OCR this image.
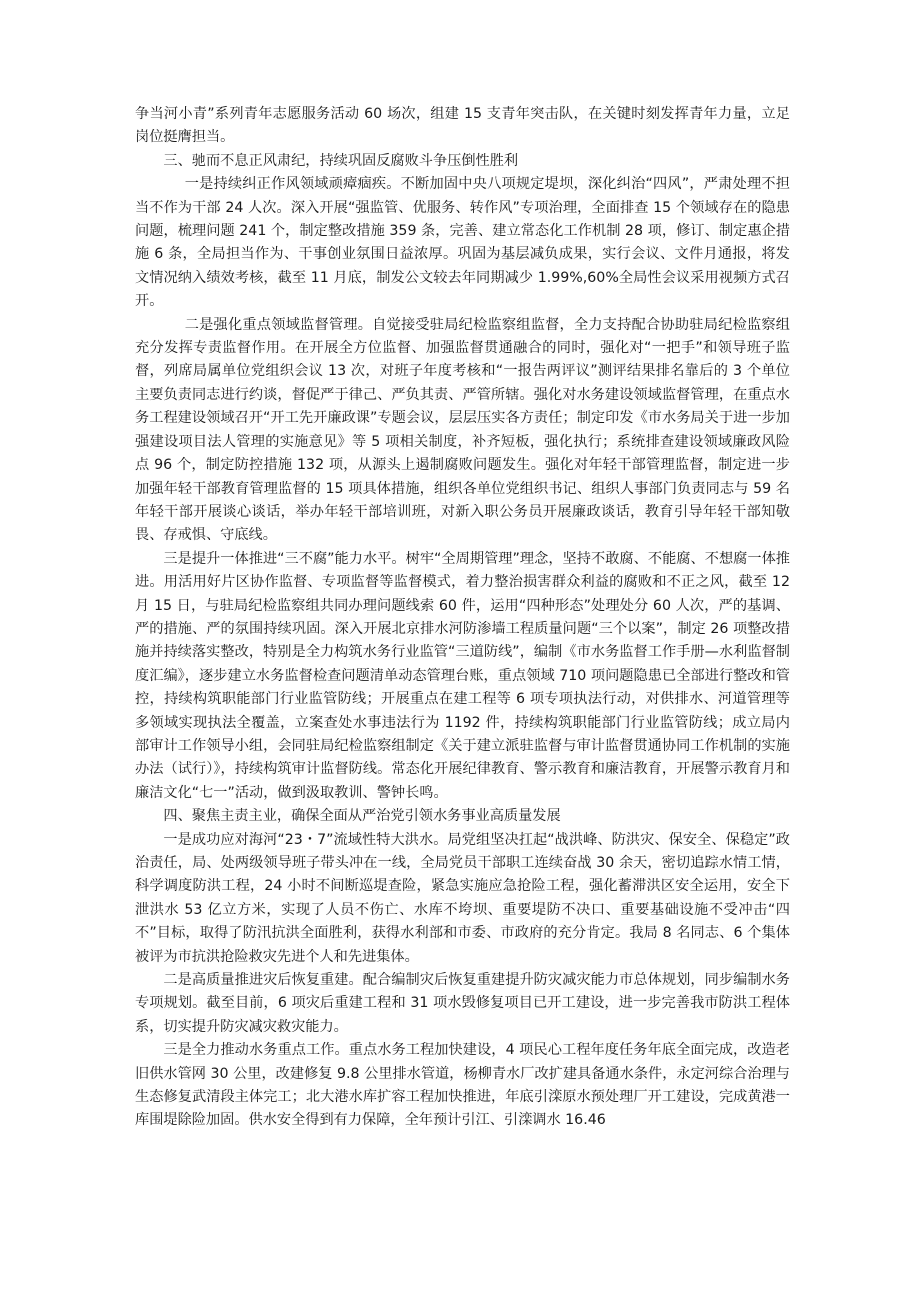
争当河小青”系列青年志愿服务活动 60 场次，组建 15 支青年突击队，在关键时刻发挥青年力量，立足岗位挺膺担当。

三、驰而不息正风肃纪，持续巩固反腐败斗争压倒性胜利

一是持续纠正作风领域顽瘴痼疾。不断加固中央八项规定堤坝，深化纠治“四风”，严肃处理不担当不作为干部 24 人次。深入开展“强监管、优服务、转作风”专项治理，全面排查 15 个领域存在的隐患问题，梳理问题 241 个，制定整改措施 359 条，完善、建立常态化工作机制 28 项，修订、制定惠企措施 6 条，全局担当作为、干事创业氛围日益浓厚。巩固为基层减负成果，实行会议、文件月通报，将发文情况纳入绩效考核，截至 11 月底，制发公文较去年同期减少 1.99%,60%全局性会议采用视频方式召开。

二是强化重点领域监督管理。自觉接受驻局纪检监察组监督，全力支持配合协助驻局纪检监察组充分发挥专责监督作用。在开展全方位监督、加强监督贯通融合的同时，强化对“一把手”和领导班子监督，列席局属单位党组织会议 13 次，对班子年度考核和“一报告两评议”测评结果排名靠后的 3 个单位主要负责同志进行约谈，督促严于律己、严负其责、严管所辖。强化对水务建设领域监督管理，在重点水务工程建设领域召开“开工先开廉政课”专题会议，层层压实各方责任；制定印发《市水务局关于进一步加强建设项目法人管理的实施意见》等 5 项相关制度，补齐短板，强化执行；系统排查建设领域廉政风险点 96 个，制定防控措施 132 项，从源头上遏制腐败问题发生。强化对年轻干部管理监督，制定进一步加强年轻干部教育管理监督的 15 项具体措施，组织各单位党组织书记、组织人事部门负责同志与 59 名年轻干部开展谈心谈话，举办年轻干部培训班，对新入职公务员开展廉政谈话，教育引导年轻干部知敬畏、存戒惧、守底线。

三是提升一体推进“三不腐”能力水平。树牢“全周期管理”理念，坚持不敢腐、不能腐、不想腐一体推进。用活用好片区协作监督、专项监督等监督模式，着力整治损害群众利益的腐败和不正之风，截至 12 月 15 日，与驻局纪检监察组共同办理问题线索 60 件，运用“四种形态”处理处分 60 人次，严的基调、严的措施、严的氛围持续巩固。深入开展北京排水河防渗墙工程质量问题“三个以案”，制定 26 项整改措施并持续落实整改，特别是全力构筑水务行业监管“三道防线”，编制《市水务监督工作手册—水利监督制度汇编》，逐步建立水务监督检查问题清单动态管理台账，重点领域 710 项问题隐患已全部进行整改和管控，持续构筑职能部门行业监管防线；开展重点在建工程等 6 项专项执法行动，对供排水、河道管理等多领域实现执法全覆盖，立案查处水事违法行为 1192 件，持续构筑职能部门行业监管防线；成立局内部审计工作领导小组，会同驻局纪检监察组制定《关于建立派驻监督与审计监督贯通协同工作机制的实施办法（试行）》，持续构筑审计监督防线。常态化开展纪律教育、警示教育和廉洁教育，开展警示教育月和廉洁文化“七一”活动，做到汲取教训、警钟长鸣。

四、聚焦主责主业，确保全面从严治党引领水务事业高质量发展

一是成功应对海河“23・7”流域性特大洪水。局党组坚决扛起“战洪峰、防洪灾、保安全、保稳定”政治责任，局、处两级领导班子带头冲在一线，全局党员干部职工连续奋战 30 余天，密切追踪水情工情，科学调度防洪工程，24 小时不间断巡堤查险，紧急实施应急抢险工程，强化蓄滞洪区安全运用，安全下泄洪水 53 亿立方米，实现了人员不伤亡、水库不垮坝、重要堤防不决口、重要基础设施不受冲击“四不”目标，取得了防汛抗洪全面胜利，获得水利部和市委、市政府的充分肯定。我局 8 名同志、6 个集体被评为市抗洪抢险救灾先进个人和先进集体。

二是高质量推进灾后恢复重建。配合编制灾后恢复重建提升防灾减灾能力市总体规划，同步编制水务专项规划。截至目前，6 项灾后重建工程和 31 项水毁修复项目已开工建设，进一步完善我市防洪工程体系，切实提升防灾减灾救灾能力。

三是全力推动水务重点工作。重点水务工程加快建设，4 项民心工程年度任务年底全面完成，改造老旧供水管网 30 公里，改建修复 9.8 公里排水管道，杨柳青水厂改扩建具备通水条件，永定河综合治理与生态修复武清段主体完工；北大港水库扩容工程加快推进，年底引滦原水预处理厂开工建设，完成黄港一库围堤除险加固。供水安全得到有力保障，全年预计引江、引滦调水 16.46
